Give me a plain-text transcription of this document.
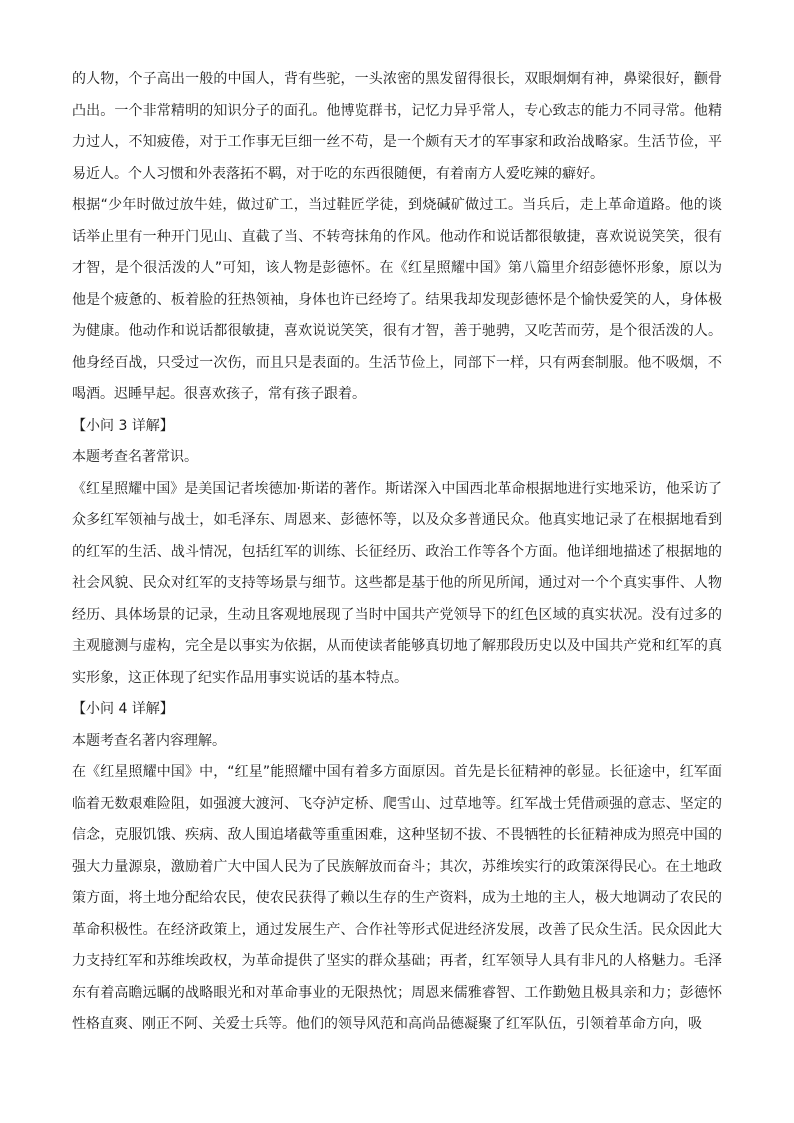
的人物，个子高出一般的中国人，背有些驼，一头浓密的黑发留得很长，双眼炯炯有神，鼻梁很好，颧骨凸出。一个非常精明的知识分子的面孔。他博览群书，记忆力异乎常人，专心致志的能力不同寻常。他精力过人，不知疲倦，对于工作事无巨细一丝不苟，是一个颇有天才的军事家和政治战略家。生活节俭，平易近人。个人习惯和外表落拓不羁，对于吃的东西很随便，有着南方人爱吃辣的癖好。

根据“少年时做过放牛娃，做过矿工，当过鞋匠学徒，到烧碱矿做过工。当兵后，走上革命道路。他的谈话举止里有一种开门见山、直截了当、不转弯抹角的作风。他动作和说话都很敏捷，喜欢说说笑笑，很有才智，是个很活泼的人”可知，该人物是彭德怀。在《红星照耀中国》第八篇里介绍彭德怀形象，原以为他是个疲惫的、板着脸的狂热领袖，身体也许已经垮了。结果我却发现彭德怀是个愉快爱笑的人，身体极为健康。他动作和说话都很敏捷，喜欢说说笑笑，很有才智，善于驰骋，又吃苦而劳，是个很活泼的人。他身经百战，只受过一次伤，而且只是表面的。生活节俭上，同部下一样，只有两套制服。他不吸烟，不喝酒。迟睡早起。很喜欢孩子，常有孩子跟着。

【小问 3 详解】

本题考查名著常识。

《红星照耀中国》是美国记者埃德加·斯诺的著作。斯诺深入中国西北革命根据地进行实地采访，他采访了众多红军领袖与战士，如毛泽东、周恩来、彭德怀等，以及众多普通民众。他真实地记录了在根据地看到的红军的生活、战斗情况，包括红军的训练、长征经历、政治工作等各个方面。他详细地描述了根据地的社会风貌、民众对红军的支持等场景与细节。这些都是基于他的所见所闻，通过对一个个真实事件、人物经历、具体场景的记录，生动且客观地展现了当时中国共产党领导下的红色区域的真实状况。没有过多的主观臆测与虚构，完全是以事实为依据，从而使读者能够真切地了解那段历史以及中国共产党和红军的真实形象，这正体现了纪实作品用事实说话的基本特点。

【小问 4 详解】

本题考查名著内容理解。

在《红星照耀中国》中，“红星”能照耀中国有着多方面原因。首先是长征精神的彰显。长征途中，红军面临着无数艰难险阻，如强渡大渡河、飞夺泸定桥、爬雪山、过草地等。红军战士凭借顽强的意志、坚定的信念，克服饥饿、疾病、敌人围追堵截等重重困难，这种坚韧不拔、不畏牺牲的长征精神成为照亮中国的强大力量源泉，激励着广大中国人民为了民族解放而奋斗；其次，苏维埃实行的政策深得民心。在土地政策方面，将土地分配给农民，使农民获得了赖以生存的生产资料，成为土地的主人，极大地调动了农民的革命积极性。在经济政策上，通过发展生产、合作社等形式促进经济发展，改善了民众生活。民众因此大力支持红军和苏维埃政权，为革命提供了坚实的群众基础；再者，红军领导人具有非凡的人格魅力。毛泽东有着高瞻远瞩的战略眼光和对革命事业的无限热忱；周恩来儒雅睿智、工作勤勉且极具亲和力；彭德怀性格直爽、刚正不阿、关爱士兵等。他们的领导风范和高尚品德凝聚了红军队伍，引领着革命方向，吸
